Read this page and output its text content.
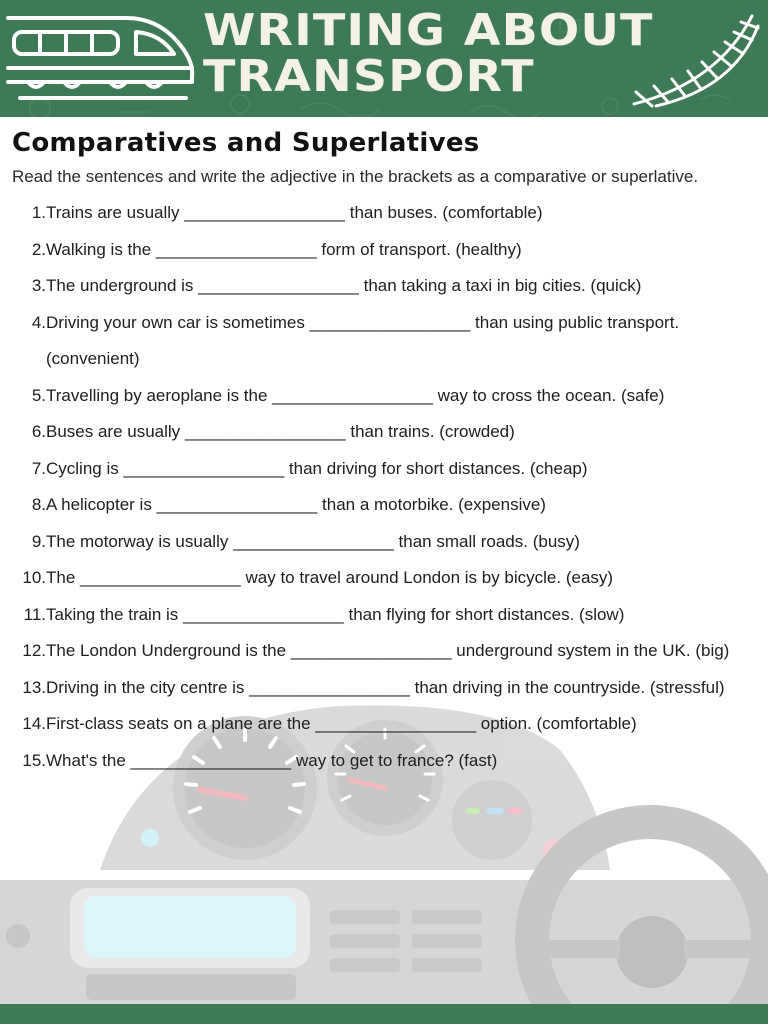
WRITING ABOUT
TRANSPORT
Comparatives and Superlatives

Read the sentences and write the adjective in the brackets as a comparative or superlative.

1. Trains are usually _________________ than buses. (comfortable)
2. Walking is the _________________ form of transport. (healthy)
3. The underground is _________________ than taking a taxi in big cities. (quick)
4. Driving your own car is sometimes _________________ than using public transport. (convenient)
5. Travelling by aeroplane is the _________________ way to cross the ocean. (safe)
6. Buses are usually _________________ than trains. (crowded)
7. Cycling is _________________ than driving for short distances. (cheap)
8. A helicopter is _________________ than a motorbike. (expensive)
9. The motorway is usually _________________ than small roads. (busy)
10. The _________________ way to travel around London is by bicycle. (easy)
11. Taking the train is _________________ than flying for short distances. (slow)
12. The London Underground is the _________________ underground system in the UK. (big)
13. Driving in the city centre is _________________ than driving in the countryside. (stressful)
14. First-class seats on a plane are the _________________ option. (comfortable)
15. What's the _________________ way to get to france? (fast)
